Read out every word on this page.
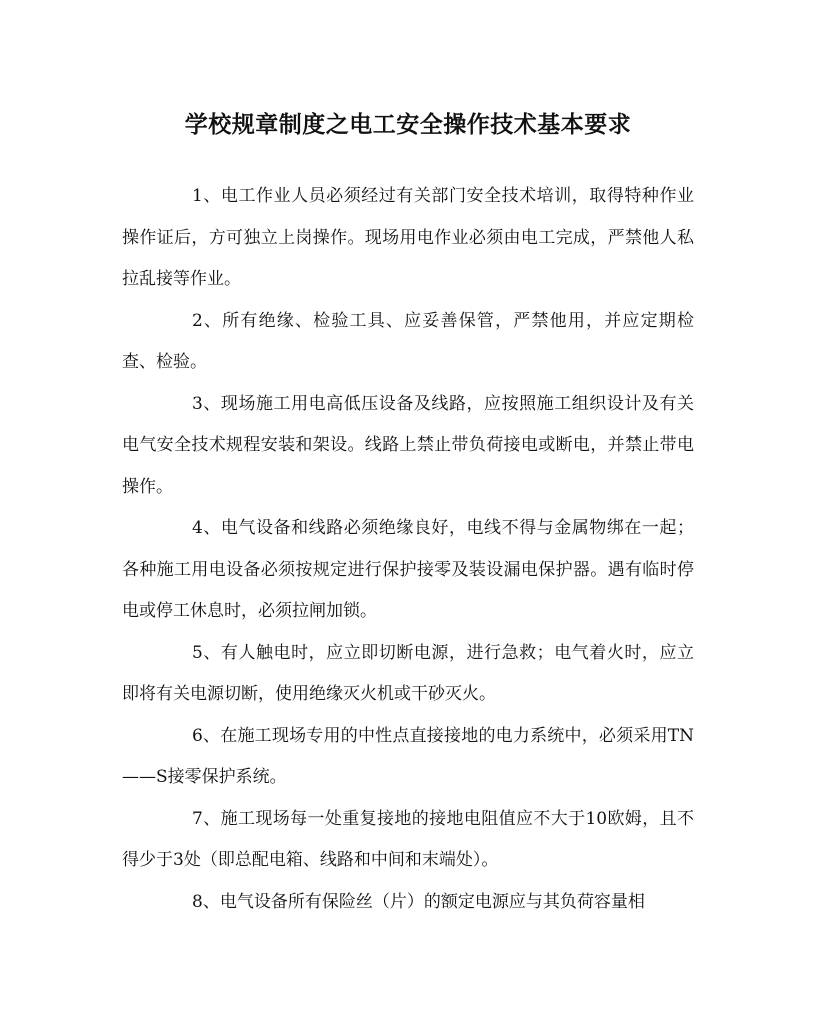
学校规章制度之电工安全操作技术基本要求

1、电工作业人员必须经过有关部门安全技术培训，取得特种作业操作证后，方可独立上岗操作。现场用电作业必须由电工完成，严禁他人私拉乱接等作业。

2、所有绝缘、检验工具、应妥善保管，严禁他用，并应定期检查、检验。

3、现场施工用电高低压设备及线路，应按照施工组织设计及有关电气安全技术规程安装和架设。线路上禁止带负荷接电或断电，并禁止带电操作。

4、电气设备和线路必须绝缘良好，电线不得与金属物绑在一起；各种施工用电设备必须按规定进行保护接零及装设漏电保护器。遇有临时停电或停工休息时，必须拉闸加锁。

5、有人触电时，应立即切断电源，进行急救；电气着火时，应立即将有关电源切断，使用绝缘灭火机或干砂灭火。

6、在施工现场专用的中性点直接接地的电力系统中，必须采用TN——S接零保护系统。

7、施工现场每一处重复接地的接地电阻值应不大于10欧姆，且不得少于3处（即总配电箱、线路和中间和末端处）。

8、电气设备所有保险丝（片）的额定电源应与其负荷容量相
